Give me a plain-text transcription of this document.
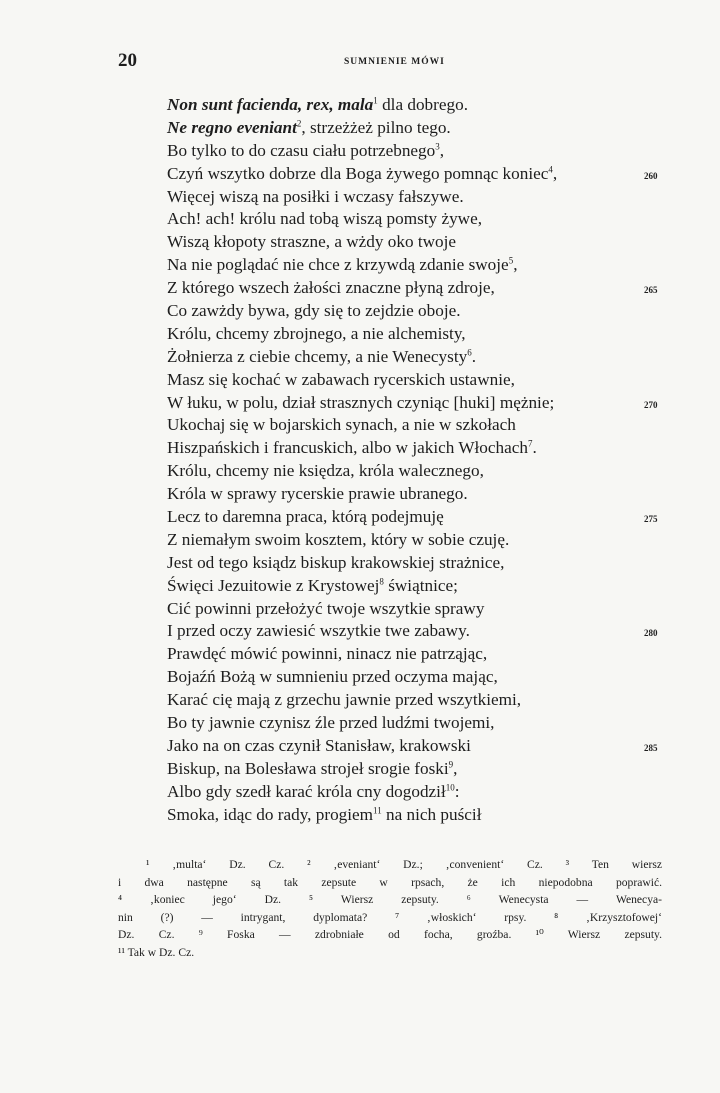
20	SUMNIENIE MÓWI
Non sunt facienda, rex, mala$^1$ dla dobrego.
Ne regno eveniant$^2$, strzeżżeż pilno tego.
Bo tylko to do czasu ciału potrzebnego$^3$,
Czyń wszytko dobrze dla Boga żywego pomnąc koniec$^4$,	260
Więcej wiszą na posiłki i wczasy fałszywe.
Ach! ach! królu nad tobą wiszą pomsty żywe,
Wiszą kłopoty straszne, a wżdy oko twoje
Na nie poglądać nie chce z krzywdą zdanie swoje$^5$,
Z którego wszech żałości znaczne płyną zdroje,	265
Co zawżdy bywa, gdy się to zejdzie oboje.
Królu, chcemy zbrojnego, a nie alchemisty,
Żołnierza z ciebie chcemy, a nie Wenecysty$^6$.
Masz się kochać w zabawach rycerskich ustawnie,
W łuku, w polu, dział strasznych czyniąc [huki] mężnie;	270
Ukochaj się w bojarskich synach, a nie w szkołach
Hiszpańskich i francuskich, albo w jakich Włochach$^7$.
Królu, chcemy nie księdza, króla walecznego,
Króla w sprawy rycerskie prawie ubranego.
Lecz to daremna praca, którą podejmuję	275
Z niemałym swoim kosztem, który w sobie czuję.
Jest od tego ksiądz biskup krakowskiej strażnice,
Święci Jezuitowie z Krystowej$^8$ świątnice;
Cić powinni przełożyć twoje wszytkie sprawy
I przed oczy zawiesić wszytkie twe zabawy.	280
Prawdęć mówić powinni, ninacz nie patrząjąc,
Bojaźń Bożą w sumnieniu przed oczyma mając,
Karać cię mają z grzechu jawnie przed wszytkiemi,
Bo ty jawnie czynisz źle przed ludźmi twojemi,
Jako na on czas czynił Stanisław, krakowski	285
Biskup, na Bolesława strojeł srogie foski$^9$,
Albo gdy szedł karać króla cny dogodził$^{10}$:
Smoka, idąc do rady, progiem$^{11}$ na nich puścił
¹ ‚multa‘ Dz. Cz. ² ‚eveniant‘ Dz.; ‚convenient‘ Cz. ³ Ten wiersz
i dwa następne są tak zepsute w rpsach, że ich niepodobna poprawić.
⁴ ‚koniec jego‘ Dz. ⁵ Wiersz zepsuty. ⁶ Wenecysta — Wenecya-
nin (?) — intrygant, dyplomata? ⁷ ‚włoskich‘ rpsy. ⁸ ‚Krzysztofowej‘
Dz. Cz. ⁹ Foska — zdrobniałe od focha, groźba. ¹⁰ Wiersz zepsuty.
¹¹ Tak w Dz. Cz.
